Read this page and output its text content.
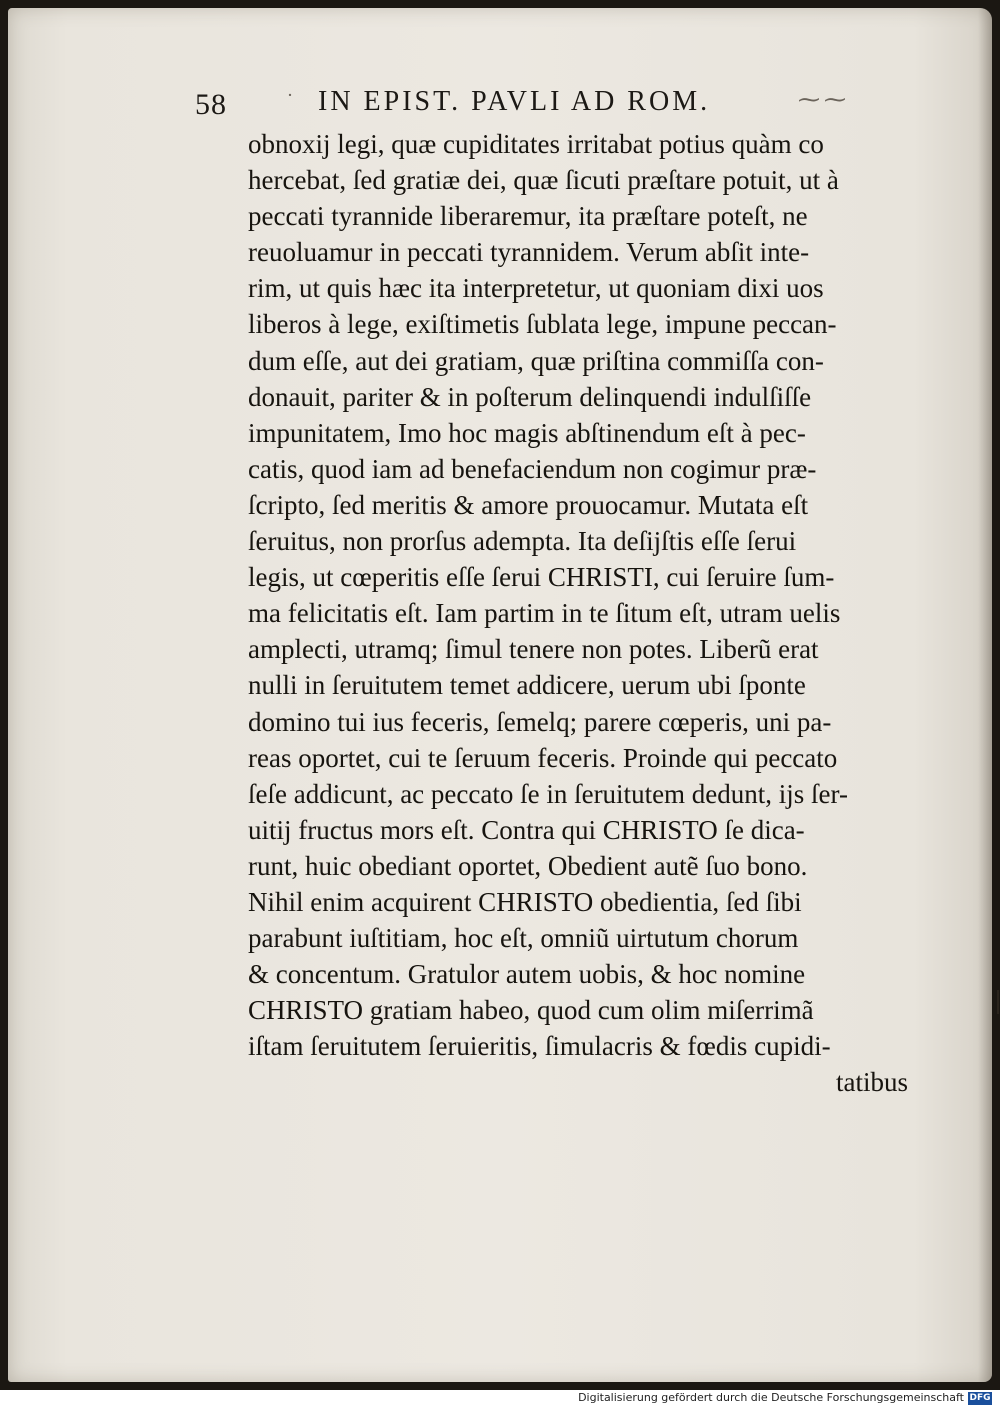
58	˙ IN EPIST. PAVLI AD ROM.	⁓⁓
obnoxij legi, quæ cupiditates irritabat potius quàm co
hercebat, ſed gratiæ dei, quæ ſicuti præſtare potuit, ut à
peccati tyrannide liberaremur, ita præſtare poteſt, ne
reuoluamur in peccati tyrannidem. Verum abſit inte-
rim, ut quis hæc ita interpretetur, ut quoniam dixi uos
liberos à lege, exiſtimetis ſublata lege, impune peccan-
dum eſſe, aut dei gratiam, quæ priſtina commiſſa con-
donauit, pariter & in poſterum delinquendi indulſiſſe
impunitatem, Imo hoc magis abſtinendum eſt à pec-
catis, quod iam ad benefaciendum non cogimur præ-
ſcripto, ſed meritis & amore prouocamur. Mutata eſt
ſeruitus, non prorſus adempta. Ita deſijſtis eſſe ſerui
legis, ut cœperitis eſſe ſerui CHRISTI, cui ſeruire ſum-
ma felicitatis eſt. Iam partim in te ſitum eſt, utram uelis
amplecti, utramq; ſimul tenere non potes. Liberũ erat
nulli in ſeruitutem temet addicere, uerum ubi ſponte
domino tui ius feceris, ſemelq; parere cœperis, uni pa-
reas oportet, cui te ſeruum feceris. Proinde qui peccato
ſeſe addicunt, ac peccato ſe in ſeruitutem dedunt, ijs ſer-
uitij fructus mors eſt. Contra qui CHRISTO ſe dica-
runt, huic obediant oportet, Obedient autẽ ſuo bono.
Nihil enim acquirent CHRISTO obedientia, ſed ſibi
parabunt iuſtitiam, hoc eſt, omniũ uirtutum chorum
& concentum. Gratulor autem uobis, & hoc nomine
CHRISTO gratiam habeo, quod cum olim miſerrimã
iſtam ſeruitutem ſeruieritis, ſimulacris & fœdis cupidi-
tatibus
Digitalisierung gefördert durch die Deutsche Forschungsgemeinschaft DFG
